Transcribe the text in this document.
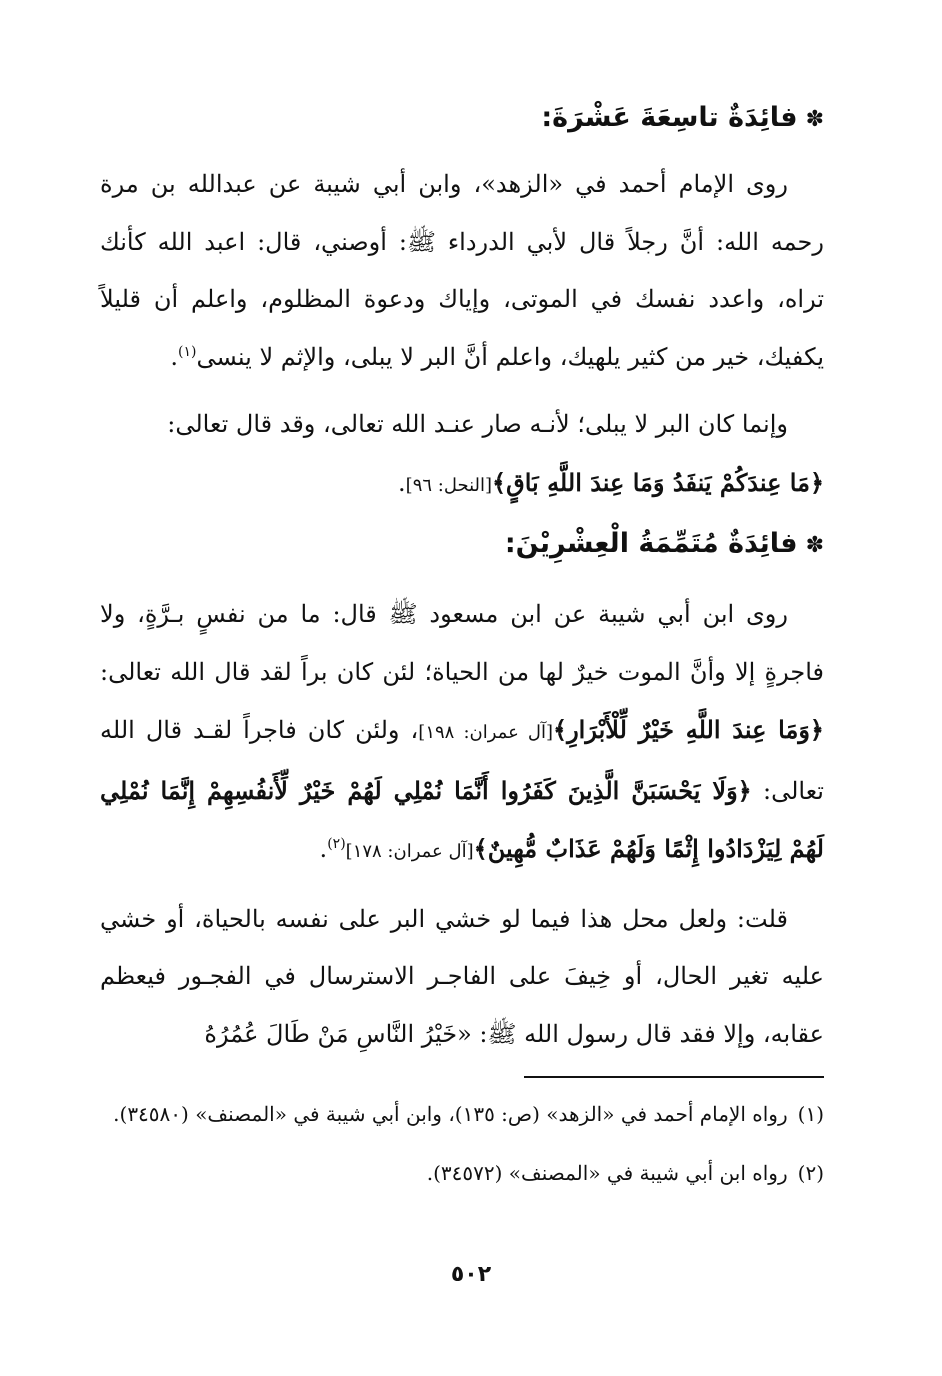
✽فائِدَةٌ تاسِعَةَ عَشْرَةَ:

روى الإمام أحمد في «الزهد»، وابن أبي شيبة عن عبدالله بن مرة رحمه الله: أنَّ رجلاً قال لأبي الدرداء ﷺ: أوصني، قال: اعبد الله كأنك تراه، واعدد نفسك في الموتى، وإياك ودعوة المظلوم، واعلم أن قليلاً يكفيك، خير من كثير يلهيك، واعلم أنَّ البر لا يبلى، والإثم لا ينسى$^{(١)}$.

وإنما كان البر لا يبلى؛ لأنـه صار عنـد الله تعالى، وقد قال تعالى:
﴿مَا عِندَكُمْ يَنفَدُ وَمَا عِندَ اللَّهِ بَاقٍ﴾[النحل: ٩٦].

✽فائِدَةٌ مُتَمِّمَةُ الْعِشْرِيْنَ:

روى ابن أبي شيبة عن ابن مسعود ﷺ قال: ما من نفسٍ بـرَّةٍ، ولا فاجرةٍ إلا وأنَّ الموت خيرٌ لها من الحياة؛ لئن كان براً لقد قال الله تعالى: ﴿وَمَا عِندَ اللَّهِ خَيْرٌ لِّلْأَبْرَارِ﴾[آل عمران: ١٩٨]، ولئن كان فاجراً لقـد قال الله تعالى: ﴿وَلَا يَحْسَبَنَّ الَّذِينَ كَفَرُوا أَنَّمَا نُمْلِي لَهُمْ خَيْرٌ لِّأَنفُسِهِمْ إِنَّمَا نُمْلِي لَهُمْ لِيَزْدَادُوا إِثْمًا وَلَهُمْ عَذَابٌ مُّهِينٌ﴾[آل عمران: ١٧٨]$^{(٢)}$.

قلت: ولعل محل هذا فيما لو خشي البر على نفسه بالحياة، أو خشي عليه تغير الحال، أو خِيفَ على الفاجـر الاسترسال في الفجـور فيعظم عقابه، وإلا فقد قال رسول الله ﷺ: «خَيْرُ النَّاسِ مَنْ طَالَ عُمُرُهُ

(١)رواه الإمام أحمد في «الزهد» (ص: ١٣٥)، وابن أبي شيبة في «المصنف» (٣٤٥٨٠).

(٢)رواه ابن أبي شيبة في «المصنف» (٣٤٥٧٢).

٥٠٢
